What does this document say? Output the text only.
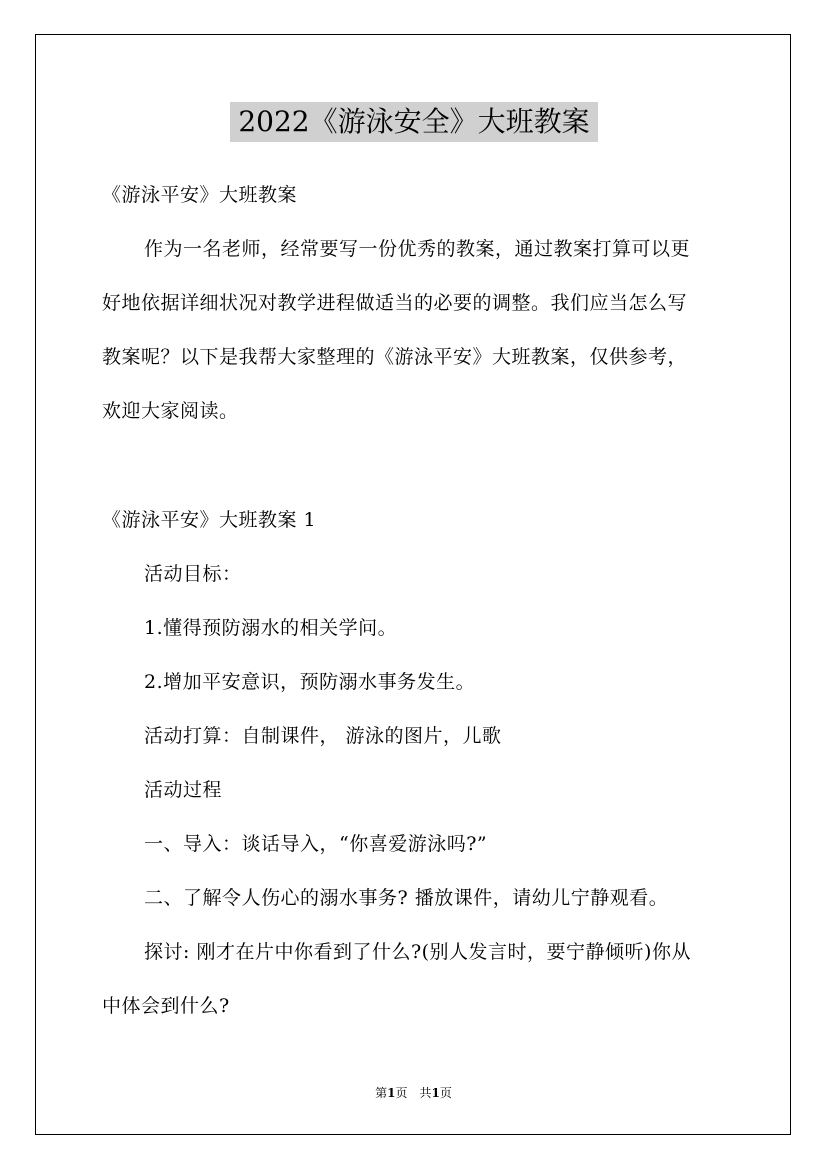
2022《游泳安全》大班教案
《游泳平安》大班教案
作为一名老师，经常要写一份优秀的教案，通过教案打算可以更
好地依据详细状况对教学进程做适当的必要的调整。我们应当怎么写
教案呢？以下是我帮大家整理的《游泳平安》大班教案，仅供参考，
欢迎大家阅读。
《游泳平安》大班教案 1
活动目标：
1.懂得预防溺水的相关学问。
2.增加平安意识，预防溺水事务发生。
活动打算：自制课件， 游泳的图片，儿歌
活动过程
一、导入：谈话导入，“你喜爱游泳吗?”
二、了解令人伤心的溺水事务? 播放课件，请幼儿宁静观看。
探讨: 刚才在片中你看到了什么?(别人发言时，要宁静倾听)你从
中体会到什么?
第1页　共1页
